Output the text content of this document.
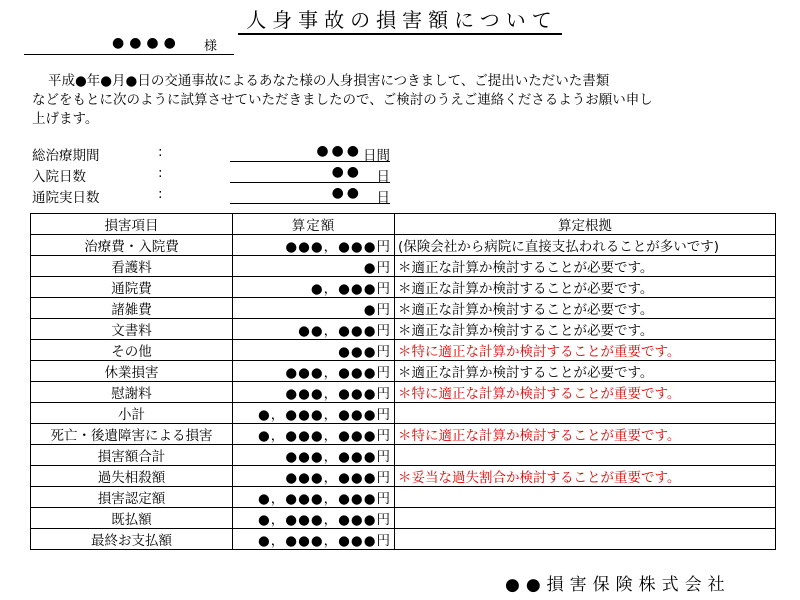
人身事故の損害額について
●●●● 様
平成●年●月●日の交通事故によるあなた様の人身損害につきまして、ご提出いただいた書類
などをもとに次のように試算させていただきましたので、ご検討のうえご連絡くださるようお願い申し
上げます。
総治療期間	:	●●● 日間
入院日数	:	●● 日
通院実日数	:	●● 日
損害項目	算定額	算定根拠
治療費・入院費	●●●，●●●円	(保険会社から病院に直接支払われることが多いです)
看護料	●円	＊適正な計算か検討することが必要です。
通院費	●，●●●円	＊適正な計算か検討することが必要です。
諸雑費	●円	＊適正な計算か検討することが必要です。
文書料	●●，●●●円	＊適正な計算か検討することが必要です。
その他	●●●円	＊特に適正な計算か検討することが重要です。
休業損害	●●●，●●●円	＊適正な計算か検討することが必要です。
慰謝料	●●●，●●●円	＊特に適正な計算か検討することが重要です。
小計	●，●●●，●●●円	
死亡・後遺障害による損害	●，●●●，●●●円	＊特に適正な計算か検討することが重要です。
損害額合計	●●●，●●●円	
過失相殺額	●●●，●●●円	＊妥当な過失割合か検討することが重要です。
損害認定額	●，●●●，●●●円	
既払額	●，●●●，●●●円	
最終お支払額	●，●●●，●●●円	
●●損害保険株式会社
